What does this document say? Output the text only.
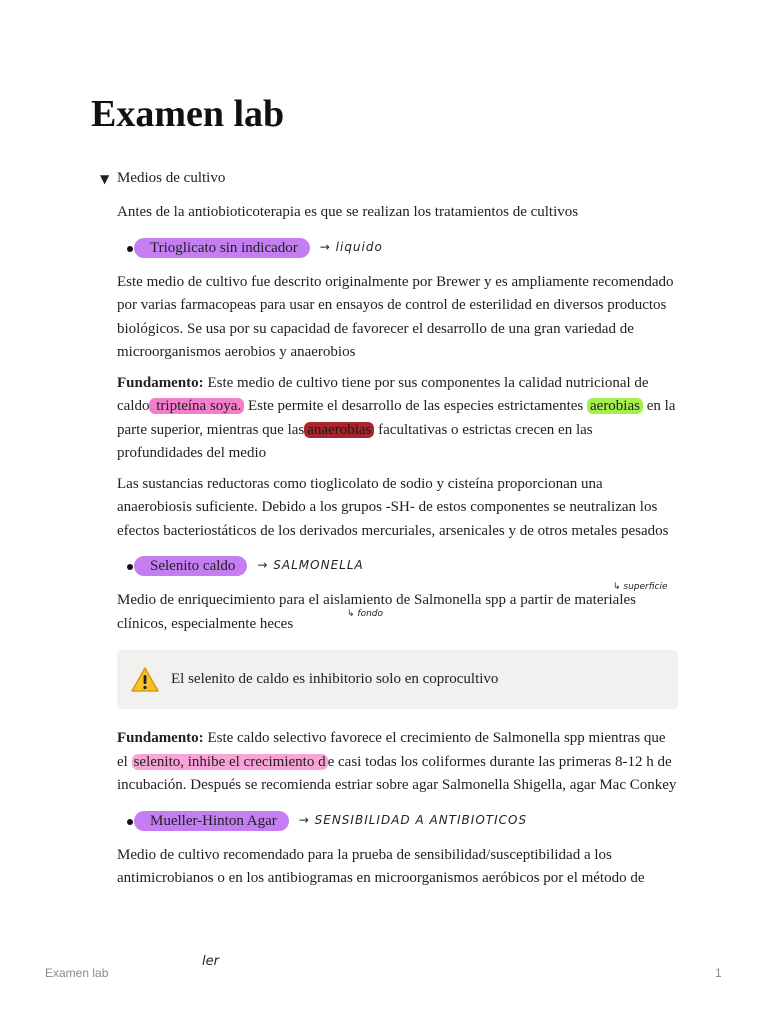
Examen lab
▼ Medios de cultivo

Antes de la antiobioticoterapia es que se realizan los tratamientos de cultivos

Trioglicato sin indicador	→ liquido

Este medio de cultivo fue descrito originalmente por Brewer y es ampliamente recomendado por varias farmacopeas para usar en ensayos de control de esterilidad en diversos productos biológicos. Se usa por su capacidad de favorecer el desarrollo de una gran variedad de microorganismos aerobios y anaerobios

Fundamento: Este medio de cultivo tiene por sus componentes la calidad nutricional de caldo tripteína soya. Este permite el desarrollo de las especies estrictamentes aerobias en la parte superior, mientras que las anaerobias facultativas o estrictas crecen en las profundidades del medio
↳ superficie
↳ fondo

Las sustancias reductoras como tioglicolato de sodio y cisteína proporcionan una anaerobiosis suficiente. Debido a los grupos -SH- de estos componentes se neutralizan los efectos bacteriostáticos de los derivados mercuriales, arsenicales y de otros metales pesados

Selenito caldo	→ SALMONELLA

Medio de enriquecimiento para el aislamiento de Salmonella spp a partir de materiales clínicos, especialmente heces

El selenito de caldo es inhibitorio solo en coprocultivo

Fundamento: Este caldo selectivo favorece el crecimiento de Salmonella spp mientras que el selenito, inhibe el crecimiento d e casi todas los coliformes durante las primeras 8-12 h de incubación. Después se recomienda estriar sobre agar Salmonella Shigella, agar Mac Conkey

Mueller-Hinton Agar	→ SENSIBILIDAD A ANTIBIOTICOS

Medio de cultivo recomendado para la prueba de sensibilidad/susceptibilidad a los antimicrobianos o en los antibiogramas en microorganismos aeróbicos por el método de

Examen lab
ler
1
